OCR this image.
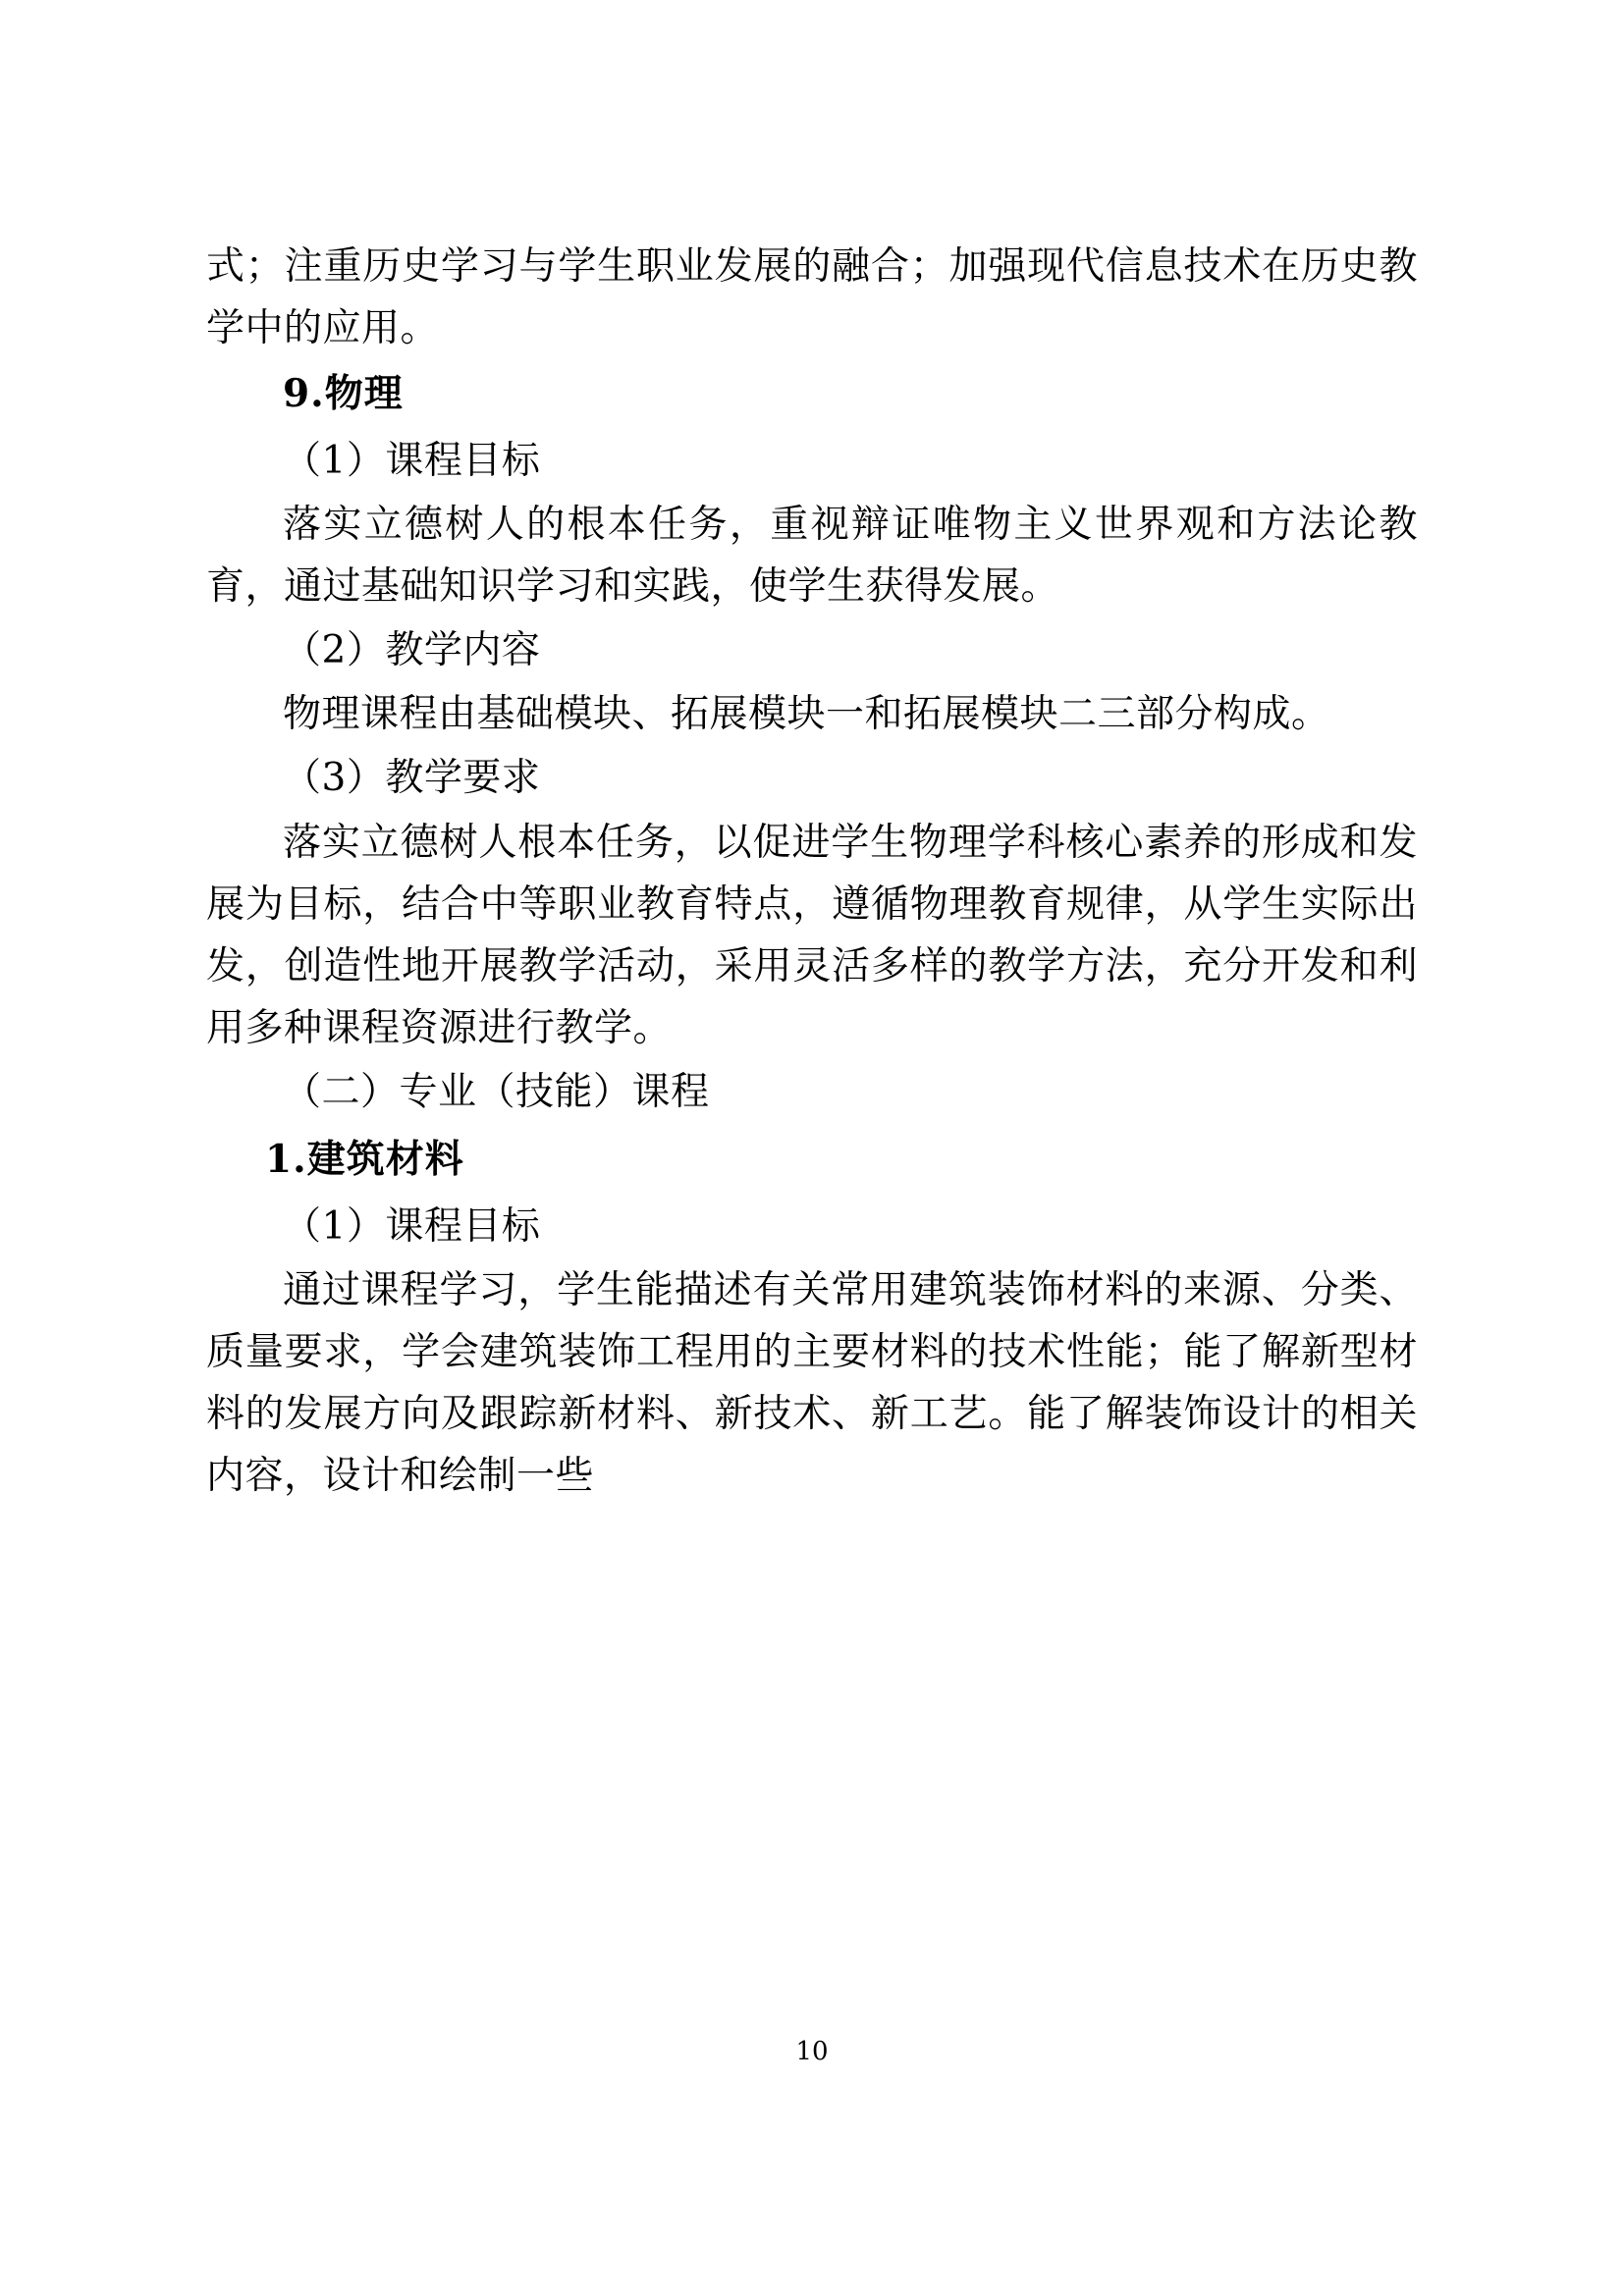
式；注重历史学习与学生职业发展的融合；加强现代信息技术在历史教学中的应用。

9.物理

（1）课程目标

落实立德树人的根本任务，重视辩证唯物主义世界观和方法论教育，通过基础知识学习和实践，使学生获得发展。

（2）教学内容

物理课程由基础模块、拓展模块一和拓展模块二三部分构成。

（3）教学要求

落实立德树人根本任务，以促进学生物理学科核心素养的形成和发展为目标，结合中等职业教育特点，遵循物理教育规律，从学生实际出发，创造性地开展教学活动，采用灵活多样的教学方法，充分开发和利用多种课程资源进行教学。

（二）专业（技能）课程

1.建筑材料

（1）课程目标

通过课程学习，学生能描述有关常用建筑装饰材料的来源、分类、质量要求，学会建筑装饰工程用的主要材料的技术性能；能了解新型材料的发展方向及跟踪新材料、新技术、新工艺。能了解装饰设计的相关内容，设计和绘制一些

10
